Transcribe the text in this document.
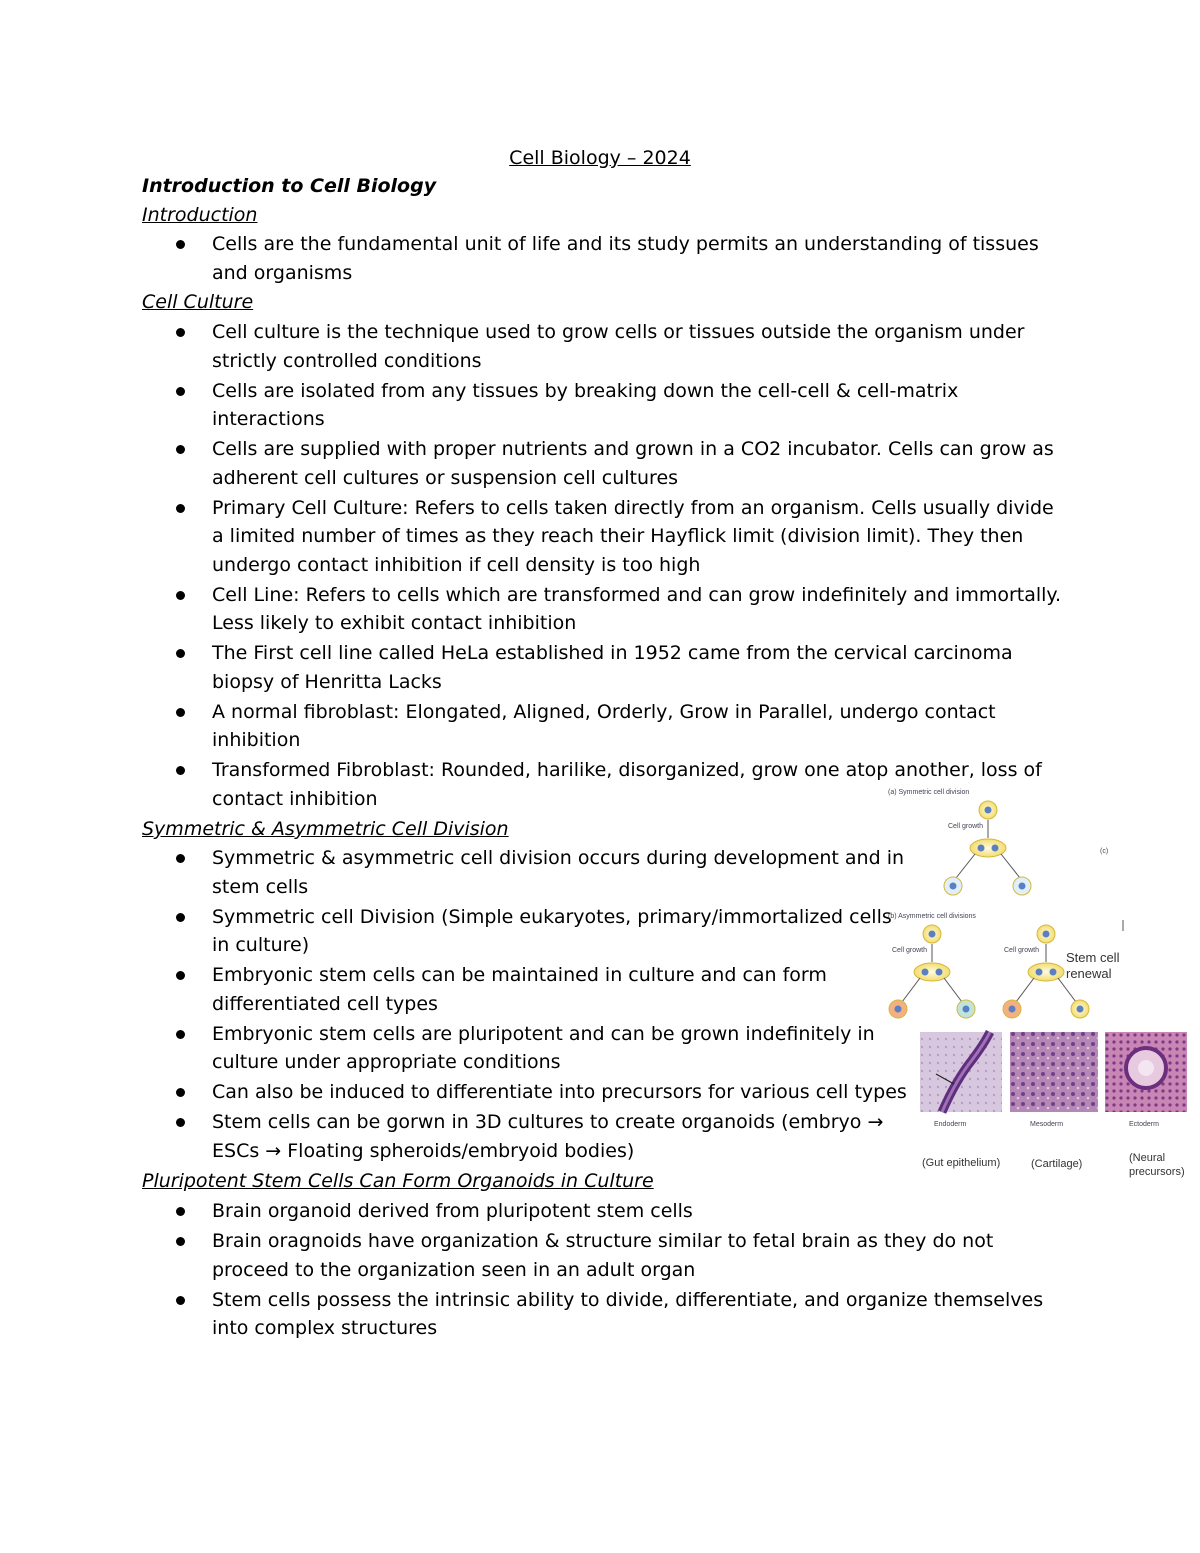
Cell Biology – 2024
Introduction to Cell Biology
Introduction
Cells are the fundamental unit of life and its study permits an understanding of tissues and organisms
Cell Culture
Cell culture is the technique used to grow cells or tissues outside the organism under strictly controlled conditions
Cells are isolated from any tissues by breaking down the cell-cell & cell-matrix interactions
Cells are supplied with proper nutrients and grown in a CO2 incubator. Cells can grow as adherent cell cultures or suspension cell cultures
Primary Cell Culture: Refers to cells taken directly from an organism. Cells usually divide a limited number of times as they reach their Hayflick limit (division limit). They then undergo contact inhibition if cell density is too high
Cell Line: Refers to cells which are transformed and can grow indefinitely and immortally. Less likely to exhibit contact inhibition
The First cell line called HeLa established in 1952 came from the cervical carcinoma biopsy of Henritta Lacks
A normal fibroblast: Elongated, Aligned, Orderly, Grow in Parallel, undergo contact inhibition
Transformed Fibroblast: Rounded, harilike, disorganized, grow one atop another, loss of contact inhibition
Symmetric & Asymmetric Cell Division
Symmetric & asymmetric cell division occurs during development and in stem cells
Symmetric cell Division (Simple eukaryotes, primary/immortalized cells in culture)
Embryonic stem cells can be maintained in culture and can form differentiated cell types
Embryonic stem cells are pluripotent and can be grown indefinitely in culture under appropriate conditions
Can also be induced to differentiate into precursors for various cell types
Stem cells can be gorwn in 3D cultures to create organoids (embryo → ESCs → Floating spheroids/embryoid bodies)
Pluripotent Stem Cells Can Form Organoids in Culture
Brain organoid derived from pluripotent stem cells
Brain oragnoids have organization & structure similar to fetal brain as they do not proceed to the organization seen in an adult organ
Stem cells possess the intrinsic ability to divide, differentiate, and organize themselves into complex structures
(a) Symmetric cell division
Cell growth
(c)
(b) Asymmetric cell divisions
Cell growth	Cell growth Stem cell
renewal
Endoderm	Mesoderm	Ectoderm
(Gut epithelium)	(Cartilage)	(Neural
precursors)
